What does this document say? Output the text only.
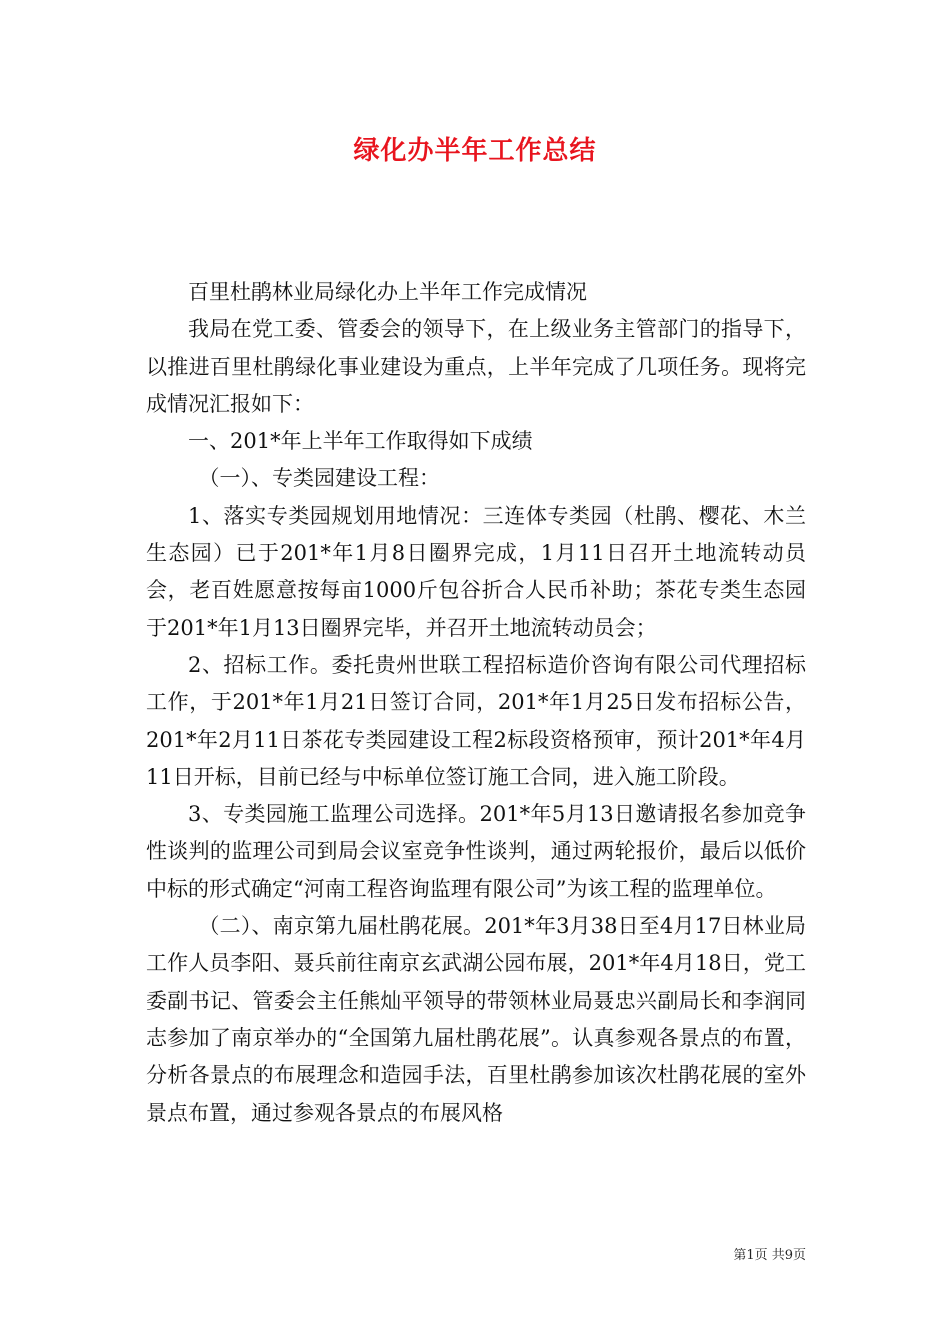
绿化办半年工作总结

百里杜鹃林业局绿化办上半年工作完成情况

我局在党工委、管委会的领导下，在上级业务主管部门的指导下，以推进百里杜鹃绿化事业建设为重点，上半年完成了几项任务。现将完成情况汇报如下：

一、201*年上半年工作取得如下成绩

（一）、专类园建设工程：

1、落实专类园规划用地情况：三连体专类园（杜鹃、樱花、木兰生态园）已于201*年1月8日圈界完成，1月11日召开土地流转动员会，老百姓愿意按每亩1000斤包谷折合人民币补助；茶花专类生态园于201*年1月13日圈界完毕，并召开土地流转动员会；

2、招标工作。委托贵州世联工程招标造价咨询有限公司代理招标工作，于201*年1月21日签订合同，201*年1月25日发布招标公告，201*年2月11日茶花专类园建设工程2标段资格预审，预计201*年4月11日开标，目前已经与中标单位签订施工合同，进入施工阶段。

3、专类园施工监理公司选择。201*年5月13日邀请报名参加竞争性谈判的监理公司到局会议室竞争性谈判，通过两轮报价，最后以低价中标的形式确定“河南工程咨询监理有限公司”为该工程的监理单位。

（二）、南京第九届杜鹃花展。201*年3月38日至4月17日林业局工作人员李阳、聂兵前往南京玄武湖公园布展，201*年4月18日，党工委副书记、管委会主任熊灿平领导的带领林业局聂忠兴副局长和李润同志参加了南京举办的“全国第九届杜鹃花展”。认真参观各景点的布置，分析各景点的布展理念和造园手法，百里杜鹃参加该次杜鹃花展的室外景点布置，通过参观各景点的布展风格

第1页 共9页
